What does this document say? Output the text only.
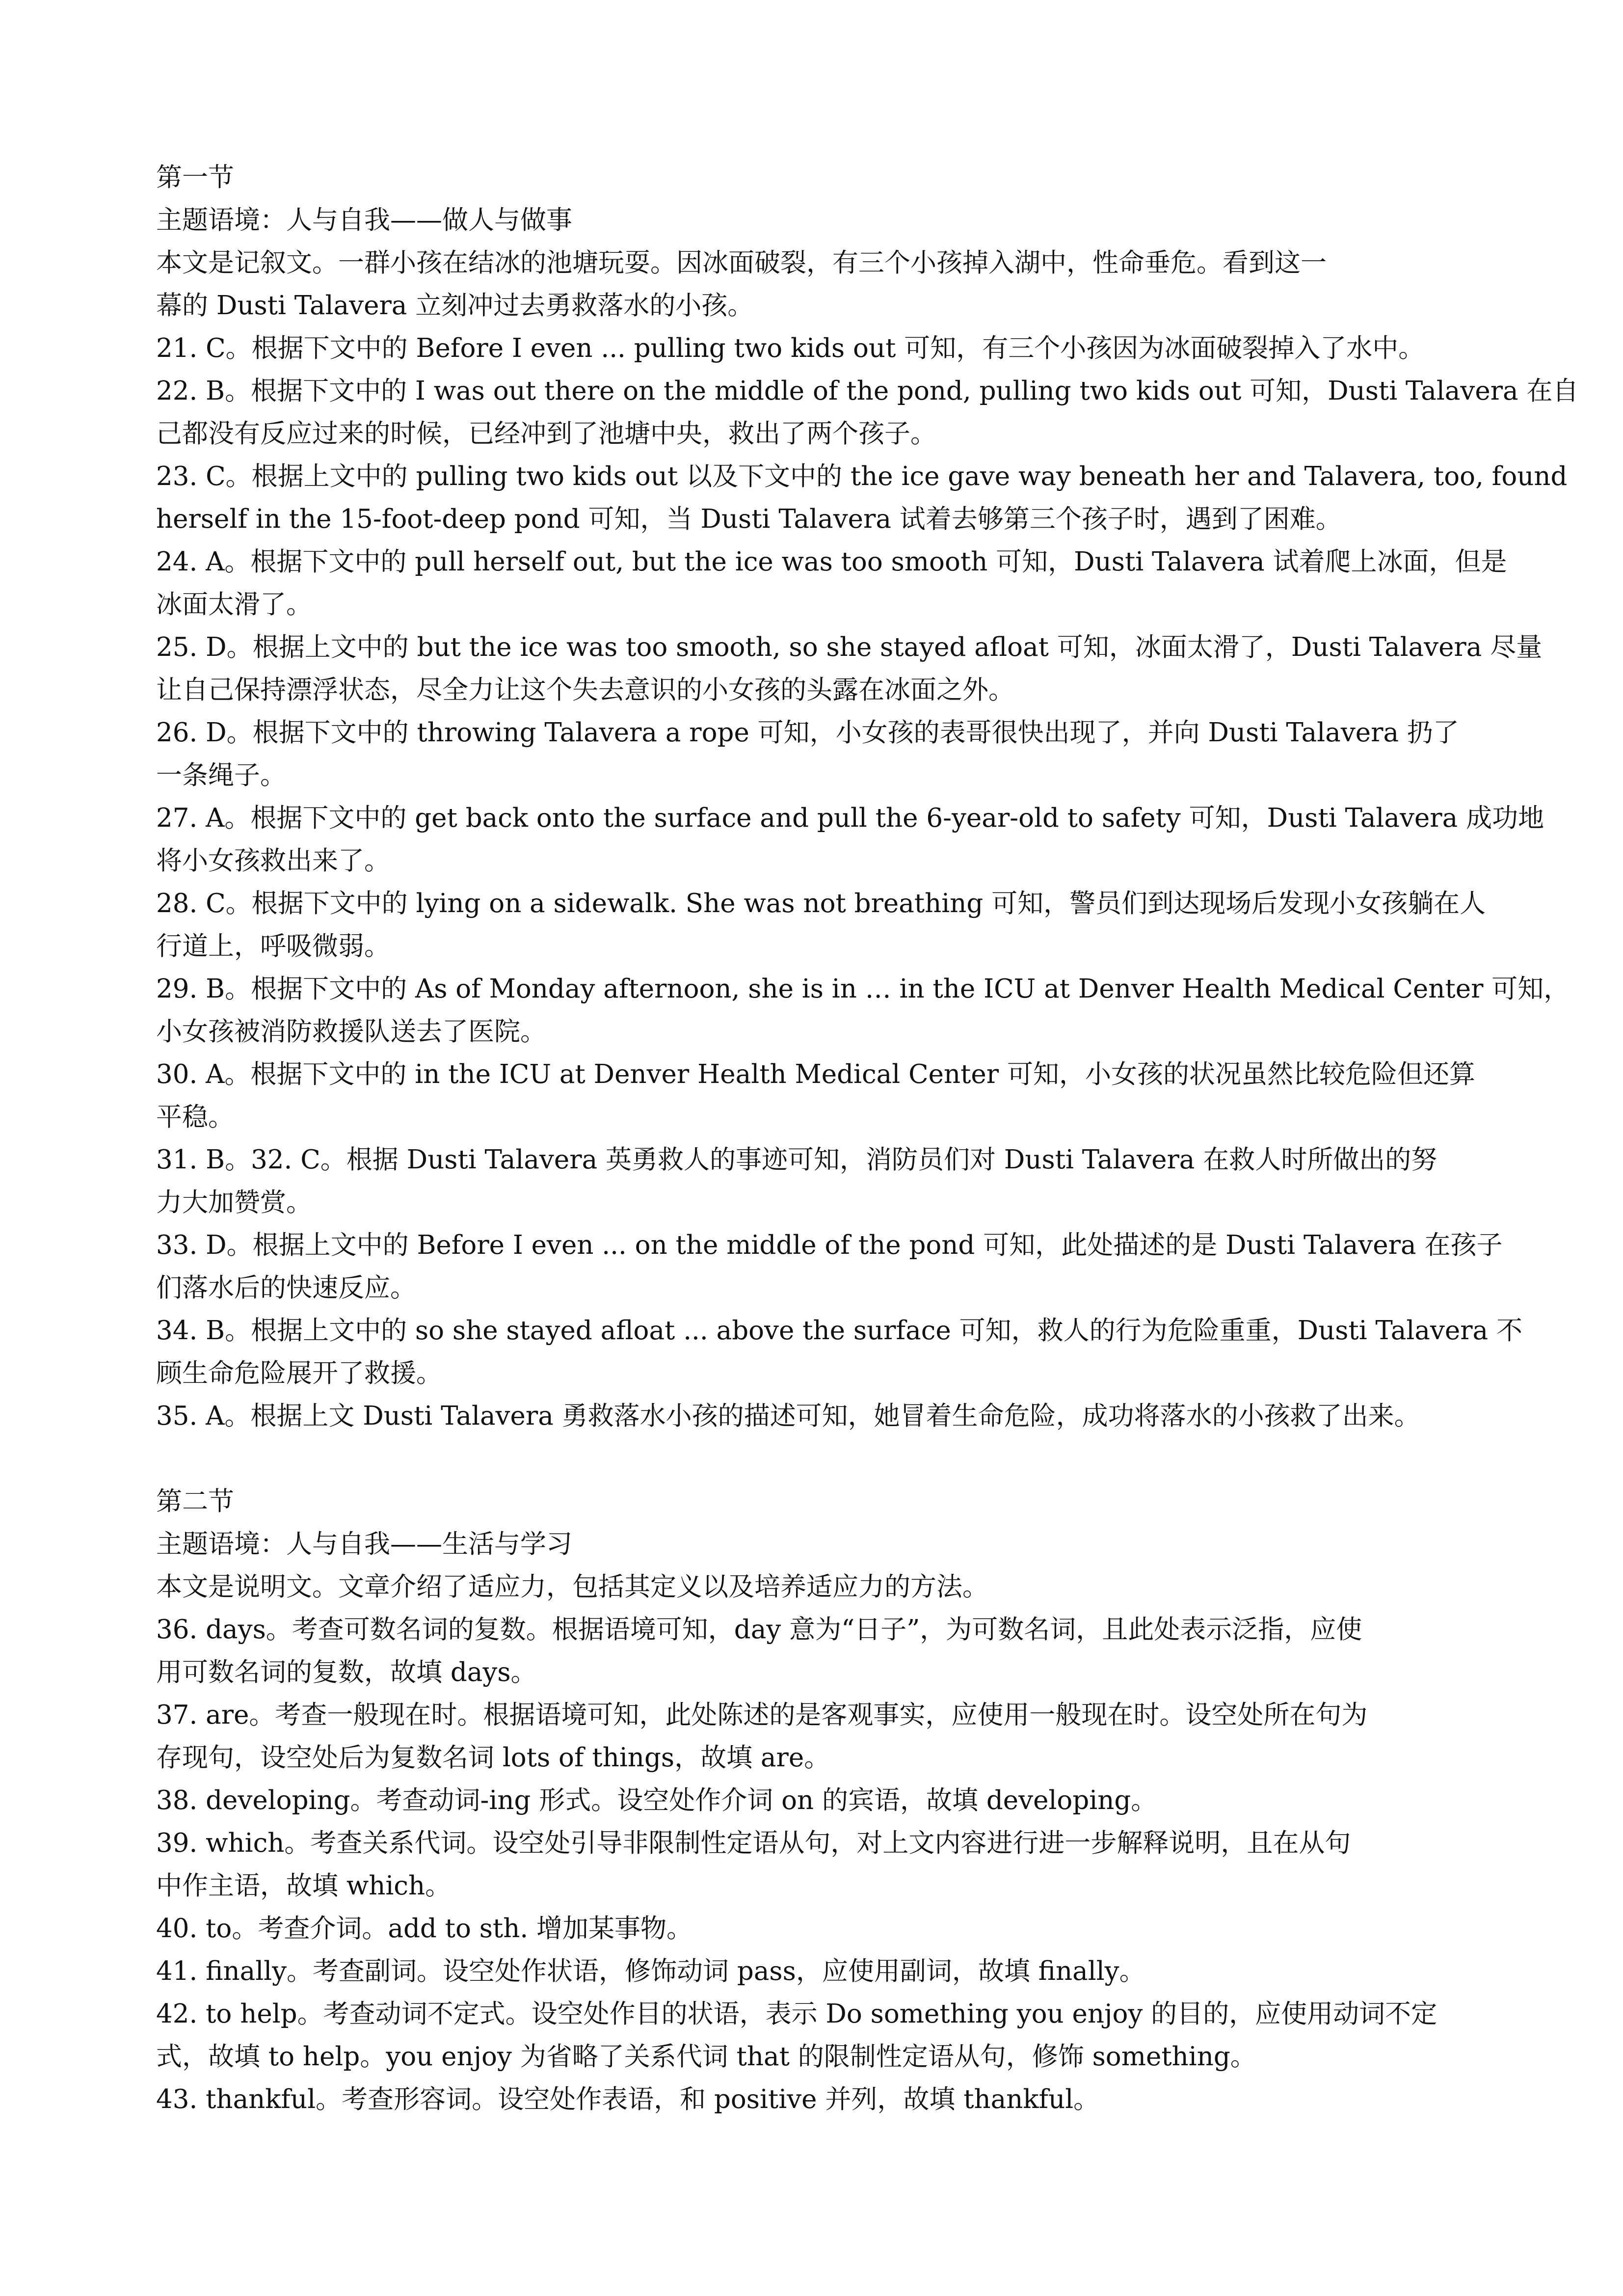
第一节
主题语境：人与自我——做人与做事
本文是记叙文。一群小孩在结冰的池塘玩耍。因冰面破裂，有三个小孩掉入湖中，性命垂危。看到这一
幕的 Dusti Talavera 立刻冲过去勇救落水的小孩。
21. C。根据下文中的 Before I even ... pulling two kids out 可知，有三个小孩因为冰面破裂掉入了水中。
22. B。根据下文中的 I was out there on the middle of the pond, pulling two kids out 可知，Dusti Talavera 在自
己都没有反应过来的时候，已经冲到了池塘中央，救出了两个孩子。
23. C。根据上文中的 pulling two kids out 以及下文中的 the ice gave way beneath her and Talavera, too, found
herself in the 15-foot-deep pond 可知，当 Dusti Talavera 试着去够第三个孩子时，遇到了困难。
24. A。根据下文中的 pull herself out, but the ice was too smooth 可知，Dusti Talavera 试着爬上冰面，但是
冰面太滑了。
25. D。根据上文中的 but the ice was too smooth, so she stayed afloat 可知，冰面太滑了，Dusti Talavera 尽量
让自己保持漂浮状态，尽全力让这个失去意识的小女孩的头露在冰面之外。
26. D。根据下文中的 throwing Talavera a rope 可知，小女孩的表哥很快出现了，并向 Dusti Talavera 扔了
一条绳子。
27. A。根据下文中的 get back onto the surface and pull the 6-year-old to safety 可知，Dusti Talavera 成功地
将小女孩救出来了。
28. C。根据下文中的 lying on a sidewalk. She was not breathing 可知，警员们到达现场后发现小女孩躺在人
行道上，呼吸微弱。
29. B。根据下文中的 As of Monday afternoon, she is in … in the ICU at Denver Health Medical Center 可知，
小女孩被消防救援队送去了医院。
30. A。根据下文中的 in the ICU at Denver Health Medical Center 可知，小女孩的状况虽然比较危险但还算
平稳。
31. B。32. C。根据 Dusti Talavera 英勇救人的事迹可知，消防员们对 Dusti Talavera 在救人时所做出的努
力大加赞赏。
33. D。根据上文中的 Before I even ... on the middle of the pond 可知，此处描述的是 Dusti Talavera 在孩子
们落水后的快速反应。
34. B。根据上文中的 so she stayed afloat ... above the surface 可知，救人的行为危险重重，Dusti Talavera 不
顾生命危险展开了救援。
35. A。根据上文 Dusti Talavera 勇救落水小孩的描述可知，她冒着生命危险，成功将落水的小孩救了出来。
第二节
主题语境：人与自我——生活与学习
本文是说明文。文章介绍了适应力，包括其定义以及培养适应力的方法。
36. days。考查可数名词的复数。根据语境可知，day 意为“日子”，为可数名词，且此处表示泛指，应使
用可数名词的复数，故填 days。
37. are。考查一般现在时。根据语境可知，此处陈述的是客观事实，应使用一般现在时。设空处所在句为
存现句，设空处后为复数名词 lots of things，故填 are。
38. developing。考查动词-ing 形式。设空处作介词 on 的宾语，故填 developing。
39. which。考查关系代词。设空处引导非限制性定语从句，对上文内容进行进一步解释说明，且在从句
中作主语，故填 which。
40. to。考查介词。add to sth. 增加某事物。
41. finally。考查副词。设空处作状语，修饰动词 pass，应使用副词，故填 finally。
42. to help。考查动词不定式。设空处作目的状语，表示 Do something you enjoy 的目的，应使用动词不定
式，故填 to help。you enjoy 为省略了关系代词 that 的限制性定语从句，修饰 something。
43. thankful。考查形容词。设空处作表语，和 positive 并列，故填 thankful。
